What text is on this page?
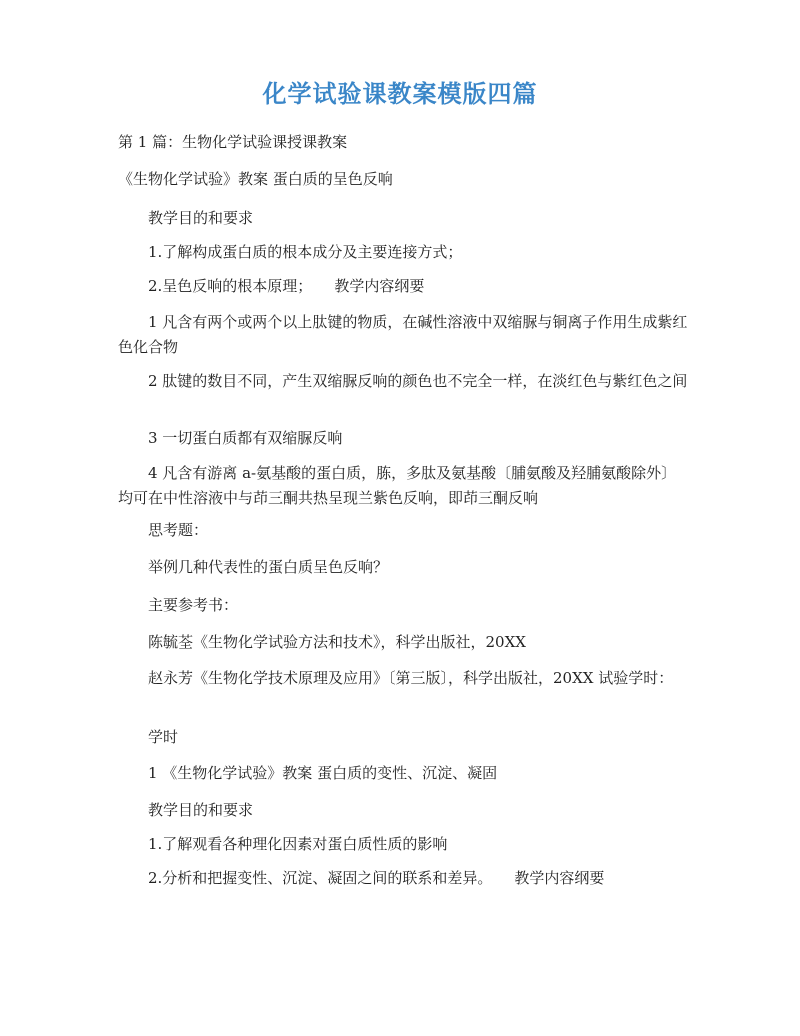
化学试验课教案模版四篇
第 1 篇：生物化学试验课授课教案
《生物化学试验》教案 蛋白质的呈色反响
教学目的和要求
1.了解构成蛋白质的根本成分及主要连接方式；
2.呈色反响的根本原理； 教学内容纲要
1 凡含有两个或两个以上肽键的物质，在碱性溶液中双缩脲与铜离子作用生成紫红色化合物
2 肽键的数目不同，产生双缩脲反响的颜色也不完全一样，在淡红色与紫红色之间
3 一切蛋白质都有双缩脲反响
4 凡含有游离 a-氨基酸的蛋白质，胨，多肽及氨基酸〔脯氨酸及羟脯氨酸除外〕均可在中性溶液中与茚三酮共热呈现兰紫色反响，即茚三酮反响
思考题：
举例几种代表性的蛋白质呈色反响？
主要参考书：
陈毓荃《生物化学试验方法和技术》，科学出版社，20XX
赵永芳《生物化学技术原理及应用》〔第三版〕，科学出版社，20XX 试验学时：
学时
1 《生物化学试验》教案 蛋白质的变性、沉淀、凝固
教学目的和要求
1.了解观看各种理化因素对蛋白质性质的影响
2.分析和把握变性、沉淀、凝固之间的联系和差异。 教学内容纲要
